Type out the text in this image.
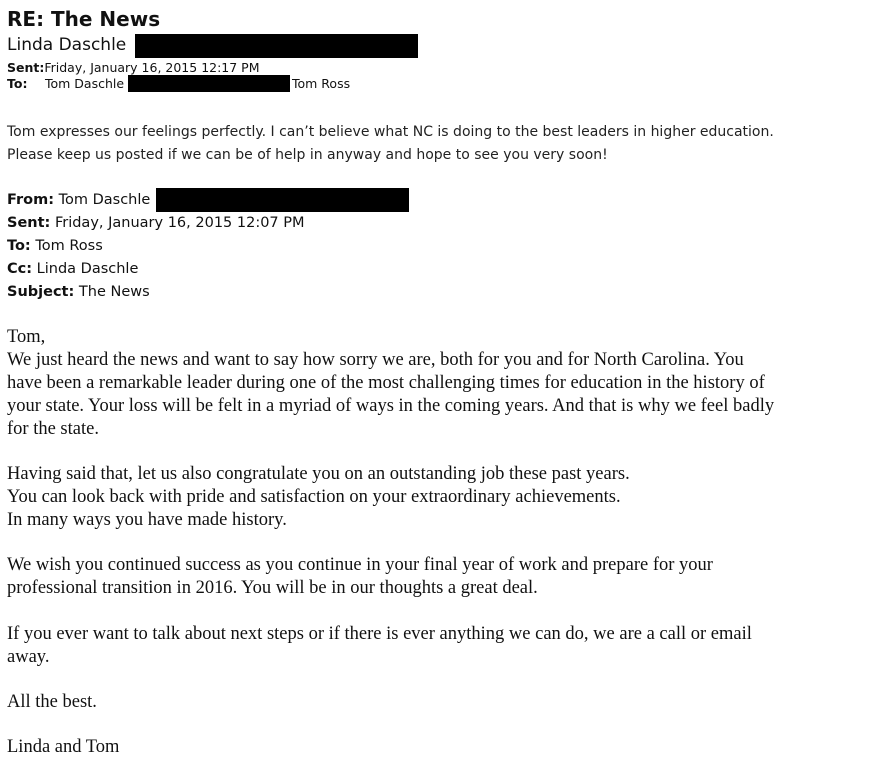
RE: The News
Linda Daschle
Sent:Friday, January 16, 2015 12:17 PM
To: Tom Daschle	Tom Ross
Tom expresses our feelings perfectly. I can’t believe what NC is doing to the best leaders in higher education.
Please keep us posted if we can be of help in anyway and hope to see you very soon!
From: Tom Daschle
Sent: Friday, January 16, 2015 12:07 PM
To: Tom Ross
Cc: Linda Daschle
Subject: The News
Tom,
We just heard the news and want to say how sorry we are, both for you and for North Carolina. You
have been a remarkable leader during one of the most challenging times for education in the history of
your state. Your loss will be felt in a myriad of ways in the coming years. And that is why we feel badly
for the state.
Having said that, let us also congratulate you on an outstanding job these past years.
You can look back with pride and satisfaction on your extraordinary achievements.
In many ways you have made history.
We wish you continued success as you continue in your final year of work and prepare for your
professional transition in 2016. You will be in our thoughts a great deal.
If you ever want to talk about next steps or if there is ever anything we can do, we are a call or email
away.
All the best.
Linda and Tom
